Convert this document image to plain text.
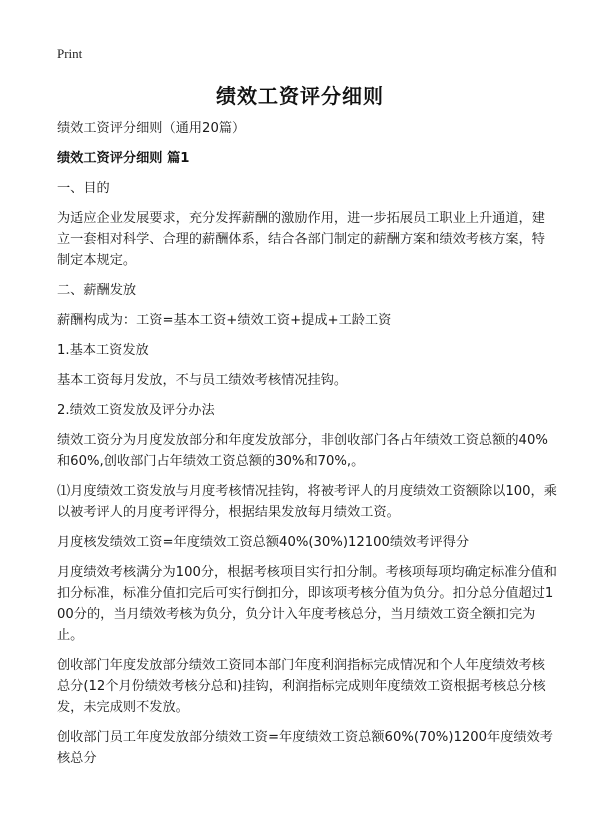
Print
绩效工资评分细则

绩效工资评分细则（通用20篇）

绩效工资评分细则 篇1

一、目的

为适应企业发展要求，充分发挥薪酬的激励作用，进一步拓展员工职业上升通道，建立一套相对科学、合理的薪酬体系，结合各部门制定的薪酬方案和绩效考核方案，特制定本规定。

二、薪酬发放

薪酬构成为：工资=基本工资+绩效工资+提成+工龄工资

1.基本工资发放

基本工资每月发放，不与员工绩效考核情况挂钩。

2.绩效工资发放及评分办法

绩效工资分为月度发放部分和年度发放部分，非创收部门各占年绩效工资总额的40%和60%,创收部门占年绩效工资总额的30%和70%,。

⑴月度绩效工资发放与月度考核情况挂钩，将被考评人的月度绩效工资额除以100，乘以被考评人的月度考评得分，根据结果发放每月绩效工资。

月度核发绩效工资=年度绩效工资总额40%(30%)12100绩效考评得分

月度绩效考核满分为100分，根据考核项目实行扣分制。考核项每项均确定标准分值和扣分标准，标准分值扣完后可实行倒扣分，即该项考核分值为负分。扣分总分值超过100分的，当月绩效考核为负分，负分计入年度考核总分，当月绩效工资全额扣完为止。

创收部门年度发放部分绩效工资同本部门年度利润指标完成情况和个人年度绩效考核总分(12个月份绩效考核分总和)挂钩，利润指标完成则年度绩效工资根据考核总分核发，未完成则不发放。

创收部门员工年度发放部分绩效工资=年度绩效工资总额60%(70%)1200年度绩效考核总分
